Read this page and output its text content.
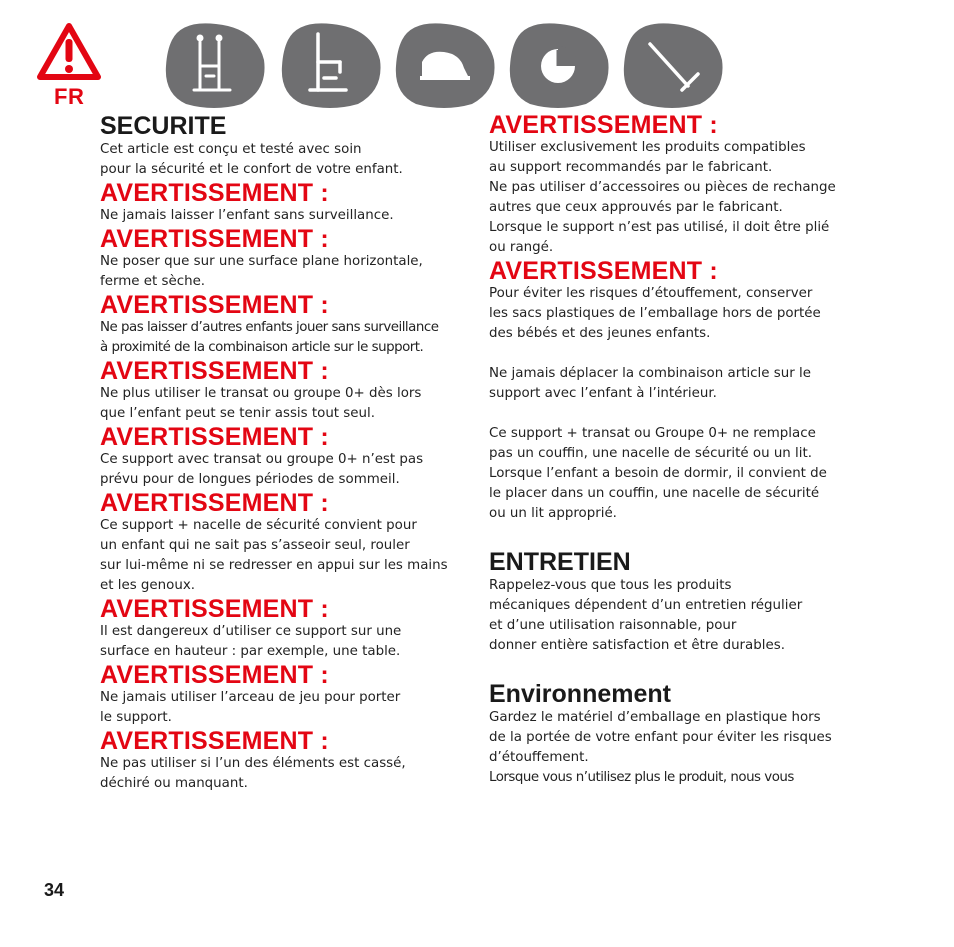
FR
SECURITE

Cet article est conçu et testé avec soin
pour la sécurité et le confort de votre enfant.

AVERTISSEMENT :

Ne jamais laisser l’enfant sans surveillance.

AVERTISSEMENT :

Ne poser que sur une surface plane horizontale,
ferme et sèche.

AVERTISSEMENT :

Ne pas laisser d’autres enfants jouer sans surveillance
à proximité de la combinaison article sur le support.

AVERTISSEMENT :

Ne plus utiliser le transat ou groupe 0+ dès lors
que l’enfant peut se tenir assis tout seul.

AVERTISSEMENT :

Ce support avec transat ou groupe 0+ n’est pas
prévu pour de longues périodes de sommeil.

AVERTISSEMENT :

Ce support + nacelle de sécurité convient pour
un enfant qui ne sait pas s’asseoir seul, rouler
sur lui-même ni se redresser en appui sur les mains
et les genoux.

AVERTISSEMENT :

Il est dangereux d’utiliser ce support sur une
surface en hauteur : par exemple, une table.

AVERTISSEMENT :

Ne jamais utiliser l’arceau de jeu pour porter
le support.

AVERTISSEMENT :

Ne pas utiliser si l’un des éléments est cassé,
déchiré ou manquant.

AVERTISSEMENT :

Utiliser exclusivement les produits compatibles
au support recommandés par le fabricant.
Ne pas utiliser d’accessoires ou pièces de rechange
autres que ceux approuvés par le fabricant.
Lorsque le support n’est pas utilisé, il doit être plié
ou rangé.

AVERTISSEMENT :

Pour éviter les risques d’étouffement, conserver
les sacs plastiques de l’emballage hors de portée
des bébés et des jeunes enfants.

Ne jamais déplacer la combinaison article sur le
support avec l’enfant à l’intérieur.

Ce support + transat ou Groupe 0+ ne remplace
pas un couffin, une nacelle de sécurité ou un lit.
Lorsque l’enfant a besoin de dormir, il convient de
le placer dans un couffin, une nacelle de sécurité
ou un lit approprié.

ENTRETIEN

Rappelez-vous que tous les produits
mécaniques dépendent d’un entretien régulier
et d’une utilisation raisonnable, pour
donner entière satisfaction et être durables.

Environnement

Gardez le matériel d’emballage en plastique hors
de la portée de votre enfant pour éviter les risques
d’étouffement.

Lorsque vous n’utilisez plus le produit, nous vous

34
